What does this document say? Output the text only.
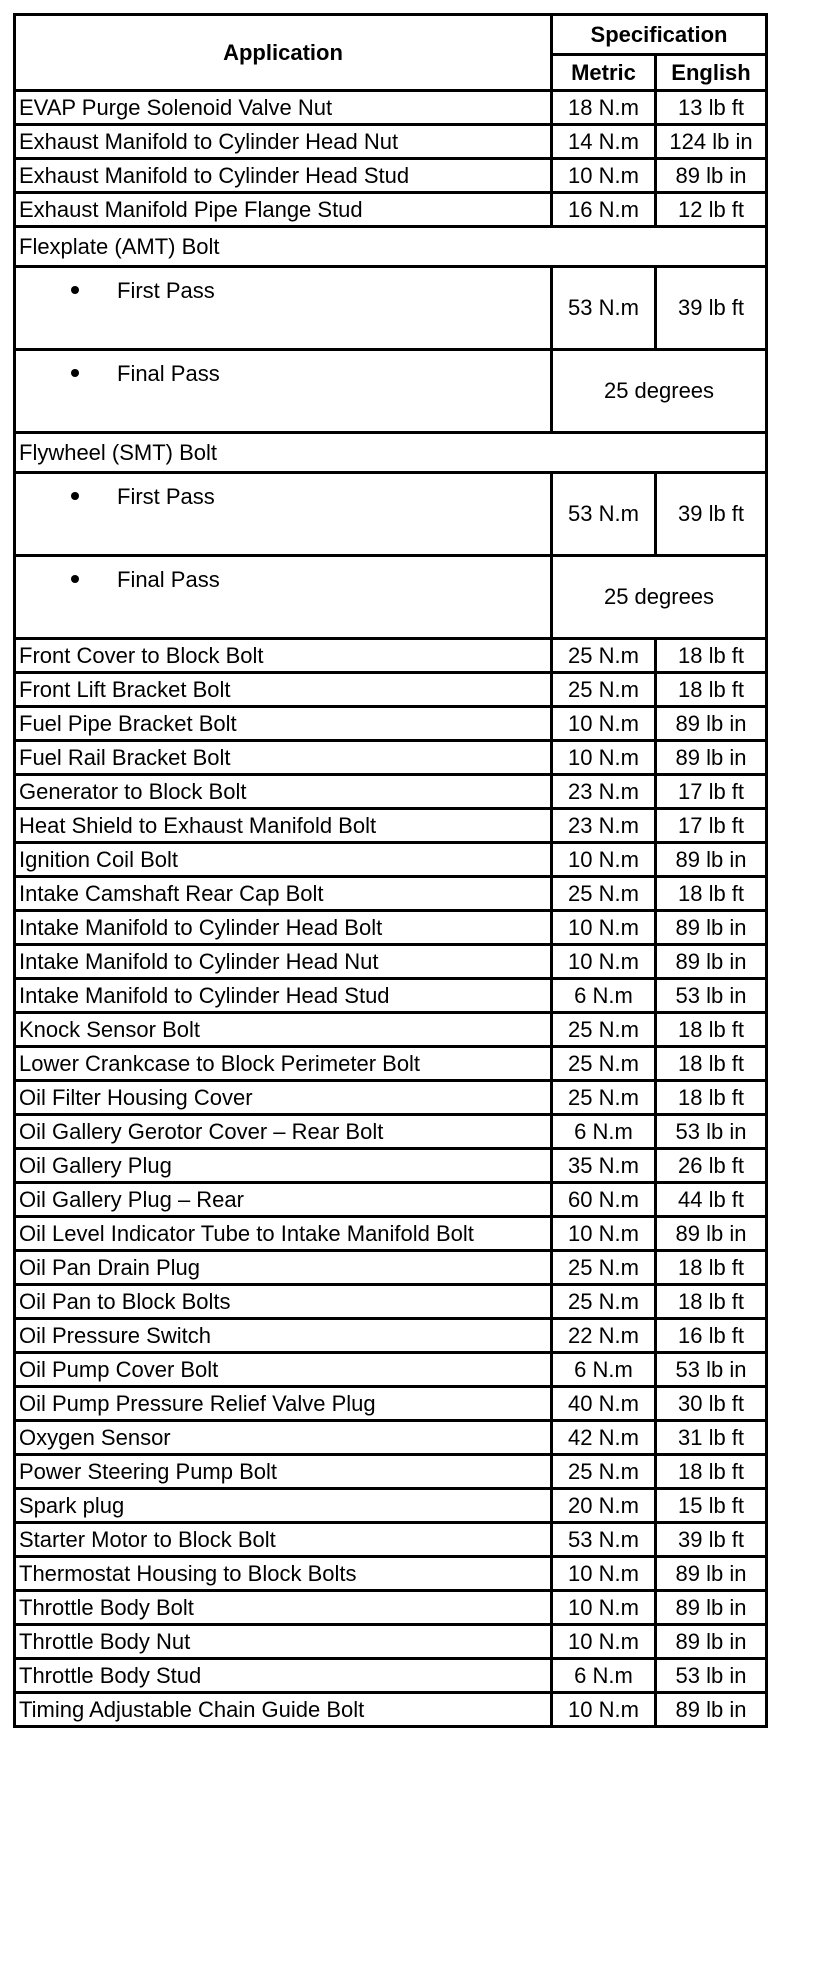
Application	Specification	
	Metric	English
EVAP Purge Solenoid Valve Nut	18 N.m	13 lb ft
Exhaust Manifold to Cylinder Head Nut	14 N.m	124 lb in
Exhaust Manifold to Cylinder Head Stud	10 N.m	89 lb in
Exhaust Manifold Pipe Flange Stud	16 N.m	12 lb ft
Flexplate (AMT) Bolt		
First Pass	53 N.m	39 lb ft
Final Pass	25 degrees	
Flywheel (SMT) Bolt		
First Pass	53 N.m	39 lb ft
Final Pass	25 degrees	
Front Cover to Block Bolt	25 N.m	18 lb ft
Front Lift Bracket Bolt	25 N.m	18 lb ft
Fuel Pipe Bracket Bolt	10 N.m	89 lb in
Fuel Rail Bracket Bolt	10 N.m	89 lb in
Generator to Block Bolt	23 N.m	17 lb ft
Heat Shield to Exhaust Manifold Bolt	23 N.m	17 lb ft
Ignition Coil Bolt	10 N.m	89 lb in
Intake Camshaft Rear Cap Bolt	25 N.m	18 lb ft
Intake Manifold to Cylinder Head Bolt	10 N.m	89 lb in
Intake Manifold to Cylinder Head Nut	10 N.m	89 lb in
Intake Manifold to Cylinder Head Stud	6 N.m	53 lb in
Knock Sensor Bolt	25 N.m	18 lb ft
Lower Crankcase to Block Perimeter Bolt	25 N.m	18 lb ft
Oil Filter Housing Cover	25 N.m	18 lb ft
Oil Gallery Gerotor Cover – Rear Bolt	6 N.m	53 lb in
Oil Gallery Plug	35 N.m	26 lb ft
Oil Gallery Plug – Rear	60 N.m	44 lb ft
Oil Level Indicator Tube to Intake Manifold Bolt	10 N.m	89 lb in
Oil Pan Drain Plug	25 N.m	18 lb ft
Oil Pan to Block Bolts	25 N.m	18 lb ft
Oil Pressure Switch	22 N.m	16 lb ft
Oil Pump Cover Bolt	6 N.m	53 lb in
Oil Pump Pressure Relief Valve Plug	40 N.m	30 lb ft
Oxygen Sensor	42 N.m	31 lb ft
Power Steering Pump Bolt	25 N.m	18 lb ft
Spark plug	20 N.m	15 lb ft
Starter Motor to Block Bolt	53 N.m	39 lb ft
Thermostat Housing to Block Bolts	10 N.m	89 lb in
Throttle Body Bolt	10 N.m	89 lb in
Throttle Body Nut	10 N.m	89 lb in
Throttle Body Stud	6 N.m	53 lb in
Timing Adjustable Chain Guide Bolt	10 N.m	89 lb in
